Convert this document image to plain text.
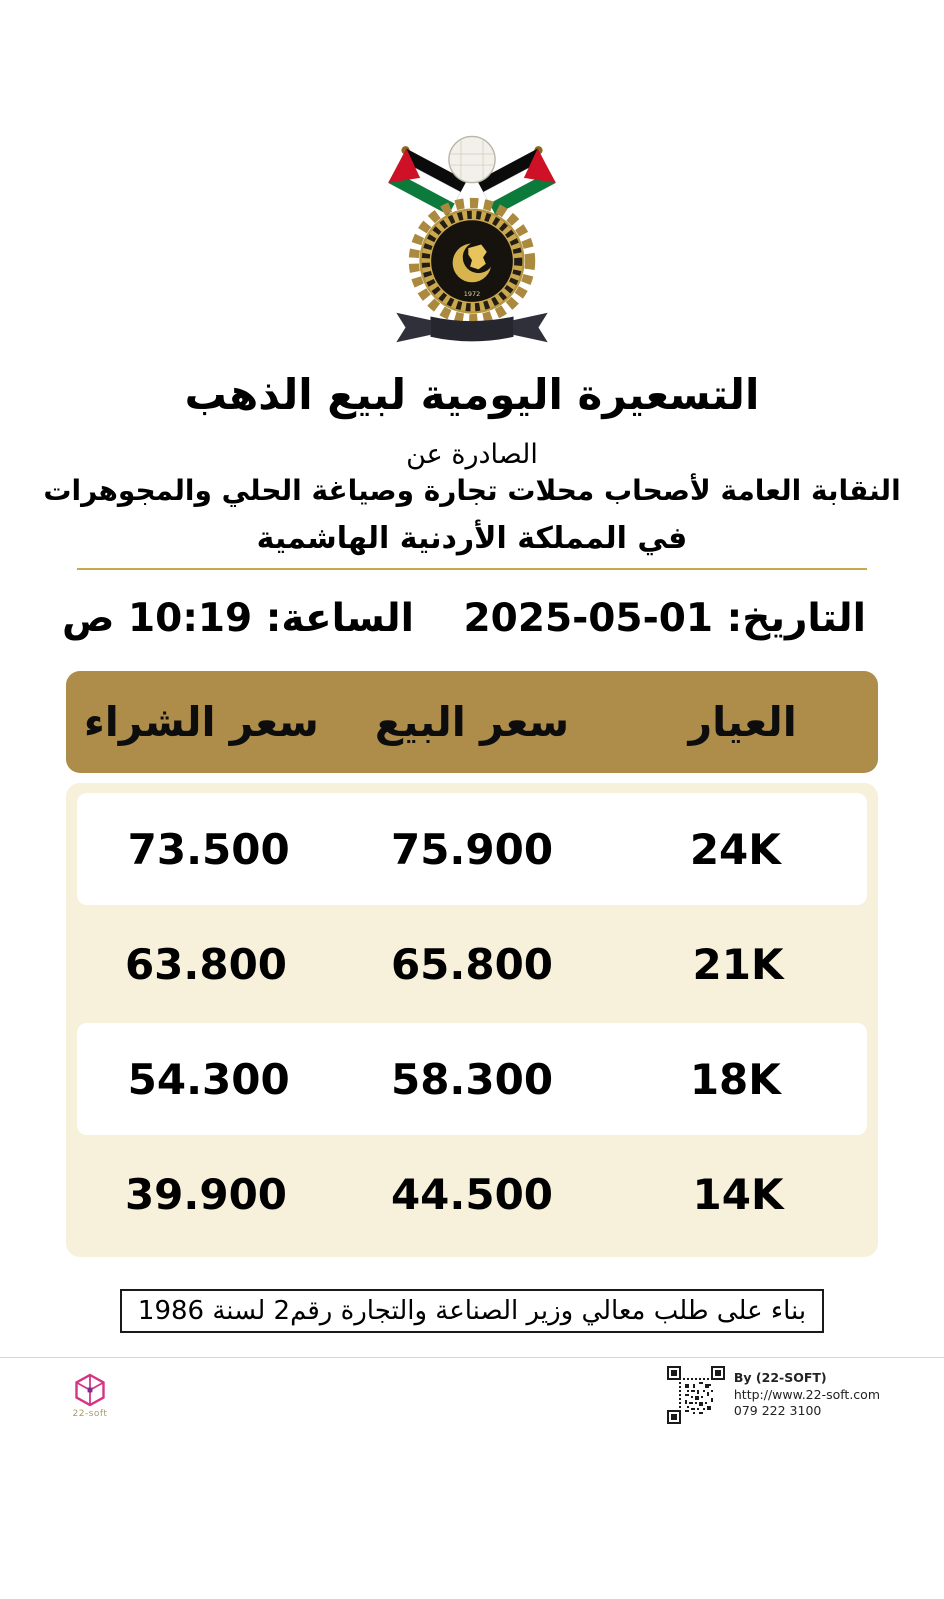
1972
التسعيرة اليومية لبيع الذهب
الصادرة عن
النقابة العامة لأصحاب محلات تجارة وصياغة الحلي والمجوهرات
في المملكة الأردنية الهاشمية
التاريخ: 01-05-2025
الساعة: 10:19 ص
العيار
سعر البيع
سعر الشراء
24K
75.900
73.500
21K
65.800
63.800
18K
58.300
54.300
14K
44.500
39.900
بناء على طلب معالي وزير الصناعة والتجارة رقم2 لسنة 1986
22-soft
By (22-SOFT)
http://www.22-soft.com
079 222 3100
